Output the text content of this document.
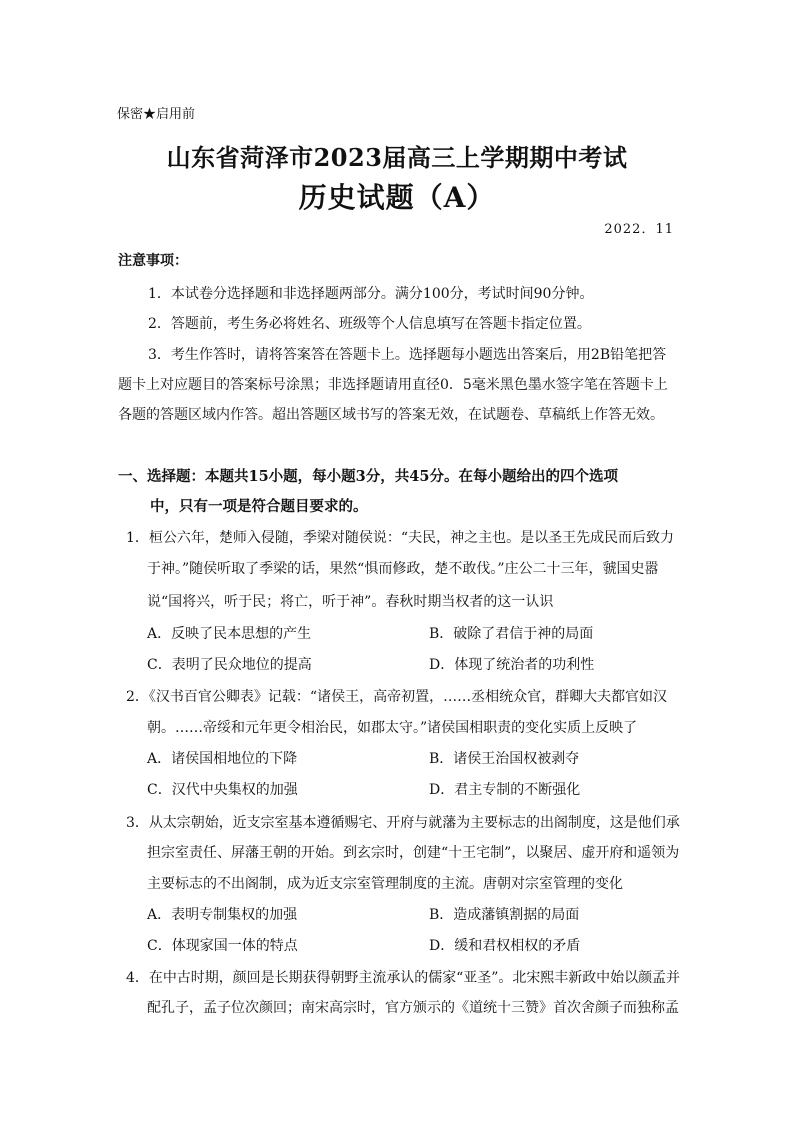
保密★启用前
山东省菏泽市2023届高三上学期期中考试
历史试题（A）
2022．11
注意事项：
1．本试卷分选择题和非选择题两部分。满分100分，考试时间90分钟。
2．答题前，考生务必将姓名、班级等个人信息填写在答题卡指定位置。
3．考生作答时，请将答案答在答题卡上。选择题每小题选出答案后，用2B铅笔把答
题卡上对应题目的答案标号涂黑；非选择题请用直径0．5毫米黑色墨水签字笔在答题卡上
各题的答题区域内作答。超出答题区域书写的答案无效，在试题卷、草稿纸上作答无效。
一、选择题：本题共15小题，每小题3分，共45分。在每小题给出的四个选项
中，只有一项是符合题目要求的。
1．桓公六年，楚师入侵随，季梁对随侯说：“夫民，神之主也。是以圣王先成民而后致力
于神。”随侯听取了季梁的话，果然“惧而修政，楚不敢伐。”庄公二十三年，虢国史嚣
说“国将兴，听于民；将亡，听于神”。春秋时期当权者的这一认识
A．反映了民本思想的产生	B．破除了君信于神的局面
C．表明了民众地位的提高	D．体现了统治者的功利性
2．《汉书百官公卿表》记载：“诸侯王，高帝初置，……丞相统众官，群卿大夫都官如汉
朝。……帝绥和元年更令相治民，如郡太守。”诸侯国相职责的变化实质上反映了
A．诸侯国相地位的下降	B．诸侯王治国权被剥夺
C．汉代中央集权的加强	D．君主专制的不断强化
3．从太宗朝始，近支宗室基本遵循赐宅、开府与就藩为主要标志的出阁制度，这是他们承
担宗室责任、屏藩王朝的开始。到玄宗时，创建“十王宅制”，以聚居、虚开府和遥领为
主要标志的不出阁制，成为近支宗室管理制度的主流。唐朝对宗室管理的变化
A．表明专制集权的加强	B．造成藩镇割据的局面
C．体现家国一体的特点	D．缓和君权相权的矛盾
4．在中古时期，颜回是长期获得朝野主流承认的儒家“亚圣”。北宋熙丰新政中始以颜孟并
配孔子，孟子位次颜回；南宋高宗时，官方颁示的《道统十三赞》首次舍颜子而独称孟
